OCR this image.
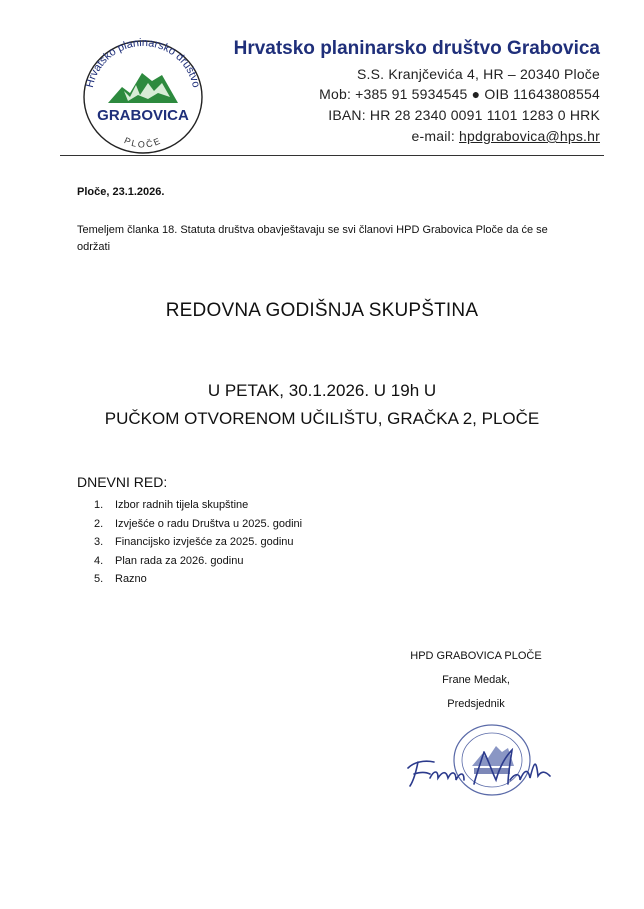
Hrvatsko planinarsko društvo
GRABOVICA
PLOČE
Hrvatsko planinarsko društvo Grabovica
S.S. Kranjčevića 4, HR – 20340 Ploče
Mob: +385 91 5934545 ● OIB 11643808554
IBAN: HR 28 2340 0091 1101 1283 0 HRK
e-mail: hpdgrabovica@hps.hr
Ploče, 23.1.2026.
Temeljem članka 18. Statuta društva obavještavaju se svi članovi HPD Grabovica Ploče da će se održati
REDOVNA GODIŠNJA SKUPŠTINA
U PETAK, 30.1.2026. U 19h U
PUČKOM OTVORENOM UČILIŠTU, GRAČKA 2, PLOČE
DNEVNI RED:
1. Izbor radnih tijela skupštine
2. Izvješće o radu Društva u 2025. godini
3. Financijsko izvješće za 2025. godinu
4. Plan rada za 2026. godinu
5. Razno
HPD GRABOVICA PLOČE
Frane Medak,
Predsjednik
